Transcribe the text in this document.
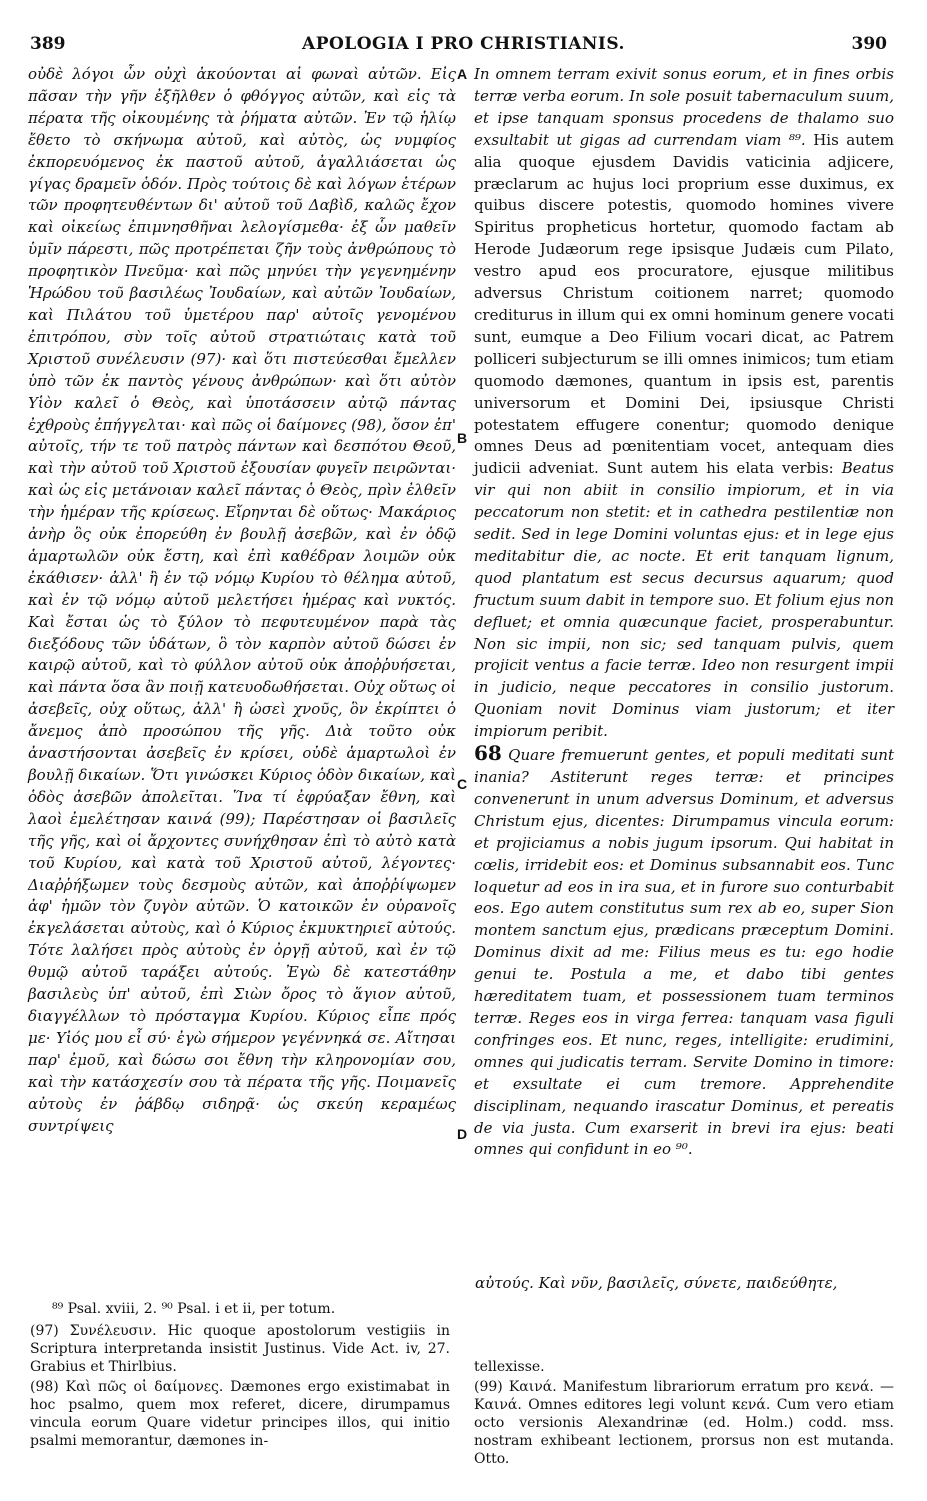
389	APOLOGIA I PRO CHRISTIANIS.	390

οὐδὲ λόγοι ὧν οὐχὶ ἀκούονται αἱ φωναὶ αὐτῶν. Εἰς πᾶσαν τὴν γῆν ἐξῆλθεν ὁ φθόγγος αὐτῶν, καὶ εἰς τὰ πέρατα τῆς οἰκουμένης τὰ ῥήματα αὐτῶν. Ἐν τῷ ἡλίῳ ἔθετο τὸ σκήνωμα αὐτοῦ, καὶ αὐτὸς, ὡς νυμφίος ἐκπορευόμενος ἐκ παστοῦ αὐτοῦ, ἀγαλλιάσεται ὡς γίγας δραμεῖν ὁδόν. Πρὸς τούτοις δὲ καὶ λόγων ἑτέρων τῶν προφητευθέντων δι' αὐτοῦ τοῦ Δαβὶδ, καλῶς ἔχον καὶ οἰκείως ἐπιμνησθῆναι λελογίσμεθα· ἐξ ὧν μαθεῖν ὑμῖν πάρεστι, πῶς προτρέπεται ζῆν τοὺς ἀνθρώπους τὸ προφητικὸν Πνεῦμα· καὶ πῶς μηνύει τὴν γεγενημένην Ἡρώδου τοῦ βασιλέως Ἰουδαίων, καὶ αὐτῶν Ἰουδαίων, καὶ Πιλάτου τοῦ ὑμετέρου παρ' αὐτοῖς γενομένου ἐπιτρόπου, σὺν τοῖς αὐτοῦ στρατιώταις κατὰ τοῦ Χριστοῦ συνέλευσιν (97)· καὶ ὅτι πιστεύεσθαι ἔμελλεν ὑπὸ τῶν ἐκ παντὸς γένους ἀνθρώπων· καὶ ὅτι αὐτὸν Υἱὸν καλεῖ ὁ Θεὸς, καὶ ὑποτάσσειν αὐτῷ πάντας ἐχθροὺς ἐπήγγελται· καὶ πῶς οἱ δαίμονες (98), ὅσον ἐπ' αὐτοῖς, τήν τε τοῦ πατρὸς πάντων καὶ δεσπότου Θεοῦ, καὶ τὴν αὐτοῦ τοῦ Χριστοῦ ἐξουσίαν φυγεῖν πειρῶνται· καὶ ὡς εἰς μετάνοιαν καλεῖ πάντας ὁ Θεὸς, πρὶν ἐλθεῖν τὴν ἡμέραν τῆς κρίσεως. Εἴρηνται δὲ οὕτως· Μακάριος ἀνὴρ ὃς οὐκ ἐπορεύθη ἐν βουλῇ ἀσεβῶν, καὶ ἐν ὁδῷ ἁμαρτωλῶν οὐκ ἔστη, καὶ ἐπὶ καθέδραν λοιμῶν οὐκ ἐκάθισεν· ἀλλ' ἢ ἐν τῷ νόμῳ Κυρίου τὸ θέλημα αὐτοῦ, καὶ ἐν τῷ νόμῳ αὐτοῦ μελετήσει ἡμέρας καὶ νυκτός. Καὶ ἔσται ὡς τὸ ξύλον τὸ πεφυτευμένον παρὰ τὰς διεξόδους τῶν ὑδάτων, ὃ τὸν καρπὸν αὐτοῦ δώσει ἐν καιρῷ αὐτοῦ, καὶ τὸ φύλλον αὐτοῦ οὐκ ἀποῤῥυήσεται, καὶ πάντα ὅσα ἂν ποιῇ κατευοδωθήσεται. Οὐχ οὕτως οἱ ἀσεβεῖς, οὐχ οὕτως, ἀλλ' ἢ ὡσεὶ χνοῦς, ὃν ἐκρίπτει ὁ ἄνεμος ἀπὸ προσώπου τῆς γῆς. Διὰ τοῦτο οὐκ ἀναστήσονται ἀσεβεῖς ἐν κρίσει, οὐδὲ ἁμαρτωλοὶ ἐν βουλῇ δικαίων. Ὅτι γινώσκει Κύριος ὁδὸν δικαίων, καὶ ὁδὸς ἀσεβῶν ἀπολεῖται. Ἵνα τί ἐφρύαξαν ἔθνη, καὶ λαοὶ ἐμελέτησαν καινά (99); Παρέστησαν οἱ βασιλεῖς τῆς γῆς, καὶ οἱ ἄρχοντες συνήχθησαν ἐπὶ τὸ αὐτὸ κατὰ τοῦ Κυρίου, καὶ κατὰ τοῦ Χριστοῦ αὐτοῦ, λέγοντες· Διαῤῥήξωμεν τοὺς δεσμοὺς αὐτῶν, καὶ ἀποῤῥίψωμεν ἀφ' ἡμῶν τὸν ζυγὸν αὐτῶν. Ὁ κατοικῶν ἐν οὐρανοῖς ἐκγελάσεται αὐτοὺς, καὶ ὁ Κύριος ἐκμυκτηριεῖ αὐτούς. Τότε λαλήσει πρὸς αὐτοὺς ἐν ὀργῇ αὐτοῦ, καὶ ἐν τῷ θυμῷ αὐτοῦ ταράξει αὐτούς. Ἐγὼ δὲ κατεστάθην βασιλεὺς ὑπ' αὐτοῦ, ἐπὶ Σιὼν ὄρος τὸ ἅγιον αὐτοῦ, διαγγέλλων τὸ πρόσταγμα Κυρίου. Κύριος εἶπε πρός με· Υἱός μου εἶ σύ· ἐγὼ σήμερον γεγέννηκά σε. Αἴτησαι παρ' ἐμοῦ, καὶ δώσω σοι ἔθνη τὴν κληρονομίαν σου, καὶ τὴν κατάσχεσίν σου τὰ πέρατα τῆς γῆς. Ποιμανεῖς αὐτοὺς ἐν ῥάβδῳ σιδηρᾷ· ὡς σκεύη κεραμέως συντρίψεις

A
B
C
D
In omnem terram exivit sonus eorum, et in fines orbis terræ verba eorum. In sole posuit tabernaculum suum, et ipse tanquam sponsus procedens de thalamo suo exsultabit ut gigas ad currendam viam ⁸⁹. His autem alia quoque ejusdem Davidis vaticinia adjicere, præclarum ac hujus loci proprium esse duximus, ex quibus discere potestis, quomodo homines vivere Spiritus propheticus hortetur, quomodo factam ab Herode Judæorum rege ipsisque Judæis cum Pilato, vestro apud eos procuratore, ejusque militibus adversus Christum coitionem narret; quomodo crediturus in illum qui ex omni hominum genere vocati sunt, eumque a Deo Filium vocari dicat, ac Patrem polliceri subjecturum se illi omnes inimicos; tum etiam quomodo dæmones, quantum in ipsis est, parentis universorum et Domini Dei, ipsiusque Christi potestatem effugere conentur; quomodo denique omnes Deus ad pœnitentiam vocet, antequam dies judicii adveniat. Sunt autem his elata verbis: Beatus vir qui non abiit in consilio impiorum, et in via peccatorum non stetit: et in cathedra pestilentiæ non sedit. Sed in lege Domini voluntas ejus: et in lege ejus meditabitur die, ac nocte. Et erit tanquam lignum, quod plantatum est secus decursus aquarum; quod fructum suum dabit in tempore suo. Et folium ejus non defluet; et omnia quæcunque faciet, prosperabuntur. Non sic impii, non sic; sed tanquam pulvis, quem projicit ventus a facie terræ. Ideo non resurgent impii in judicio, neque peccatores in consilio justorum. Quoniam novit Dominus viam justorum; et iter impiorum peribit.
68 Quare fremuerunt gentes, et populi meditati sunt inania? Astiterunt reges terræ: et principes convenerunt in unum adversus Dominum, et adversus Christum ejus, dicentes: Dirumpamus vincula eorum: et projiciamus a nobis jugum ipsorum. Qui habitat in cœlis, irridebit eos: et Dominus subsannabit eos. Tunc loquetur ad eos in ira sua, et in furore suo conturbabit eos. Ego autem constitutus sum rex ab eo, super Sion montem sanctum ejus, prædicans præceptum Domini. Dominus dixit ad me: Filius meus es tu: ego hodie genui te. Postula a me, et dabo tibi gentes hæreditatem tuam, et possessionem tuam terminos terræ. Reges eos in virga ferrea: tanquam vasa figuli confringes eos. Et nunc, reges, intelligite: erudimini, omnes qui judicatis terram. Servite Domino in timore: et exsultate ei cum tremore. Apprehendite disciplinam, nequando irascatur Dominus, et pereatis de via justa. Cum exarserit in brevi ira ejus: beati omnes qui confidunt in eo ⁹⁰.
αὐτούς. Καὶ νῦν, βασιλεῖς, σύνετε, παιδεύθητε,
⁸⁹ Psal. xviii, 2. ⁹⁰ Psal. i et ii, per totum.

(97) Συνέλευσιν. Hic quoque apostolorum vestigiis in Scriptura interpretanda insistit Justinus. Vide Act. iv, 27. Grabius et Thirlbius.

(98) Καὶ πῶς οἱ δαίμονες. Dæmones ergo existimabat in hoc psalmo, quem mox referet, dicere, dirumpamus vincula eorum Quare videtur principes illos, qui initio psalmi memorantur, dæmones in-

tellexisse.

(99) Καινά. Manifestum librariorum erratum pro κενά. — Καινά. Omnes editores legi volunt κενά. Cum vero etiam octo versionis Alexandrinæ (ed. Holm.) codd. mss. nostram exhibeant lectionem, prorsus non est mutanda. Otto.
